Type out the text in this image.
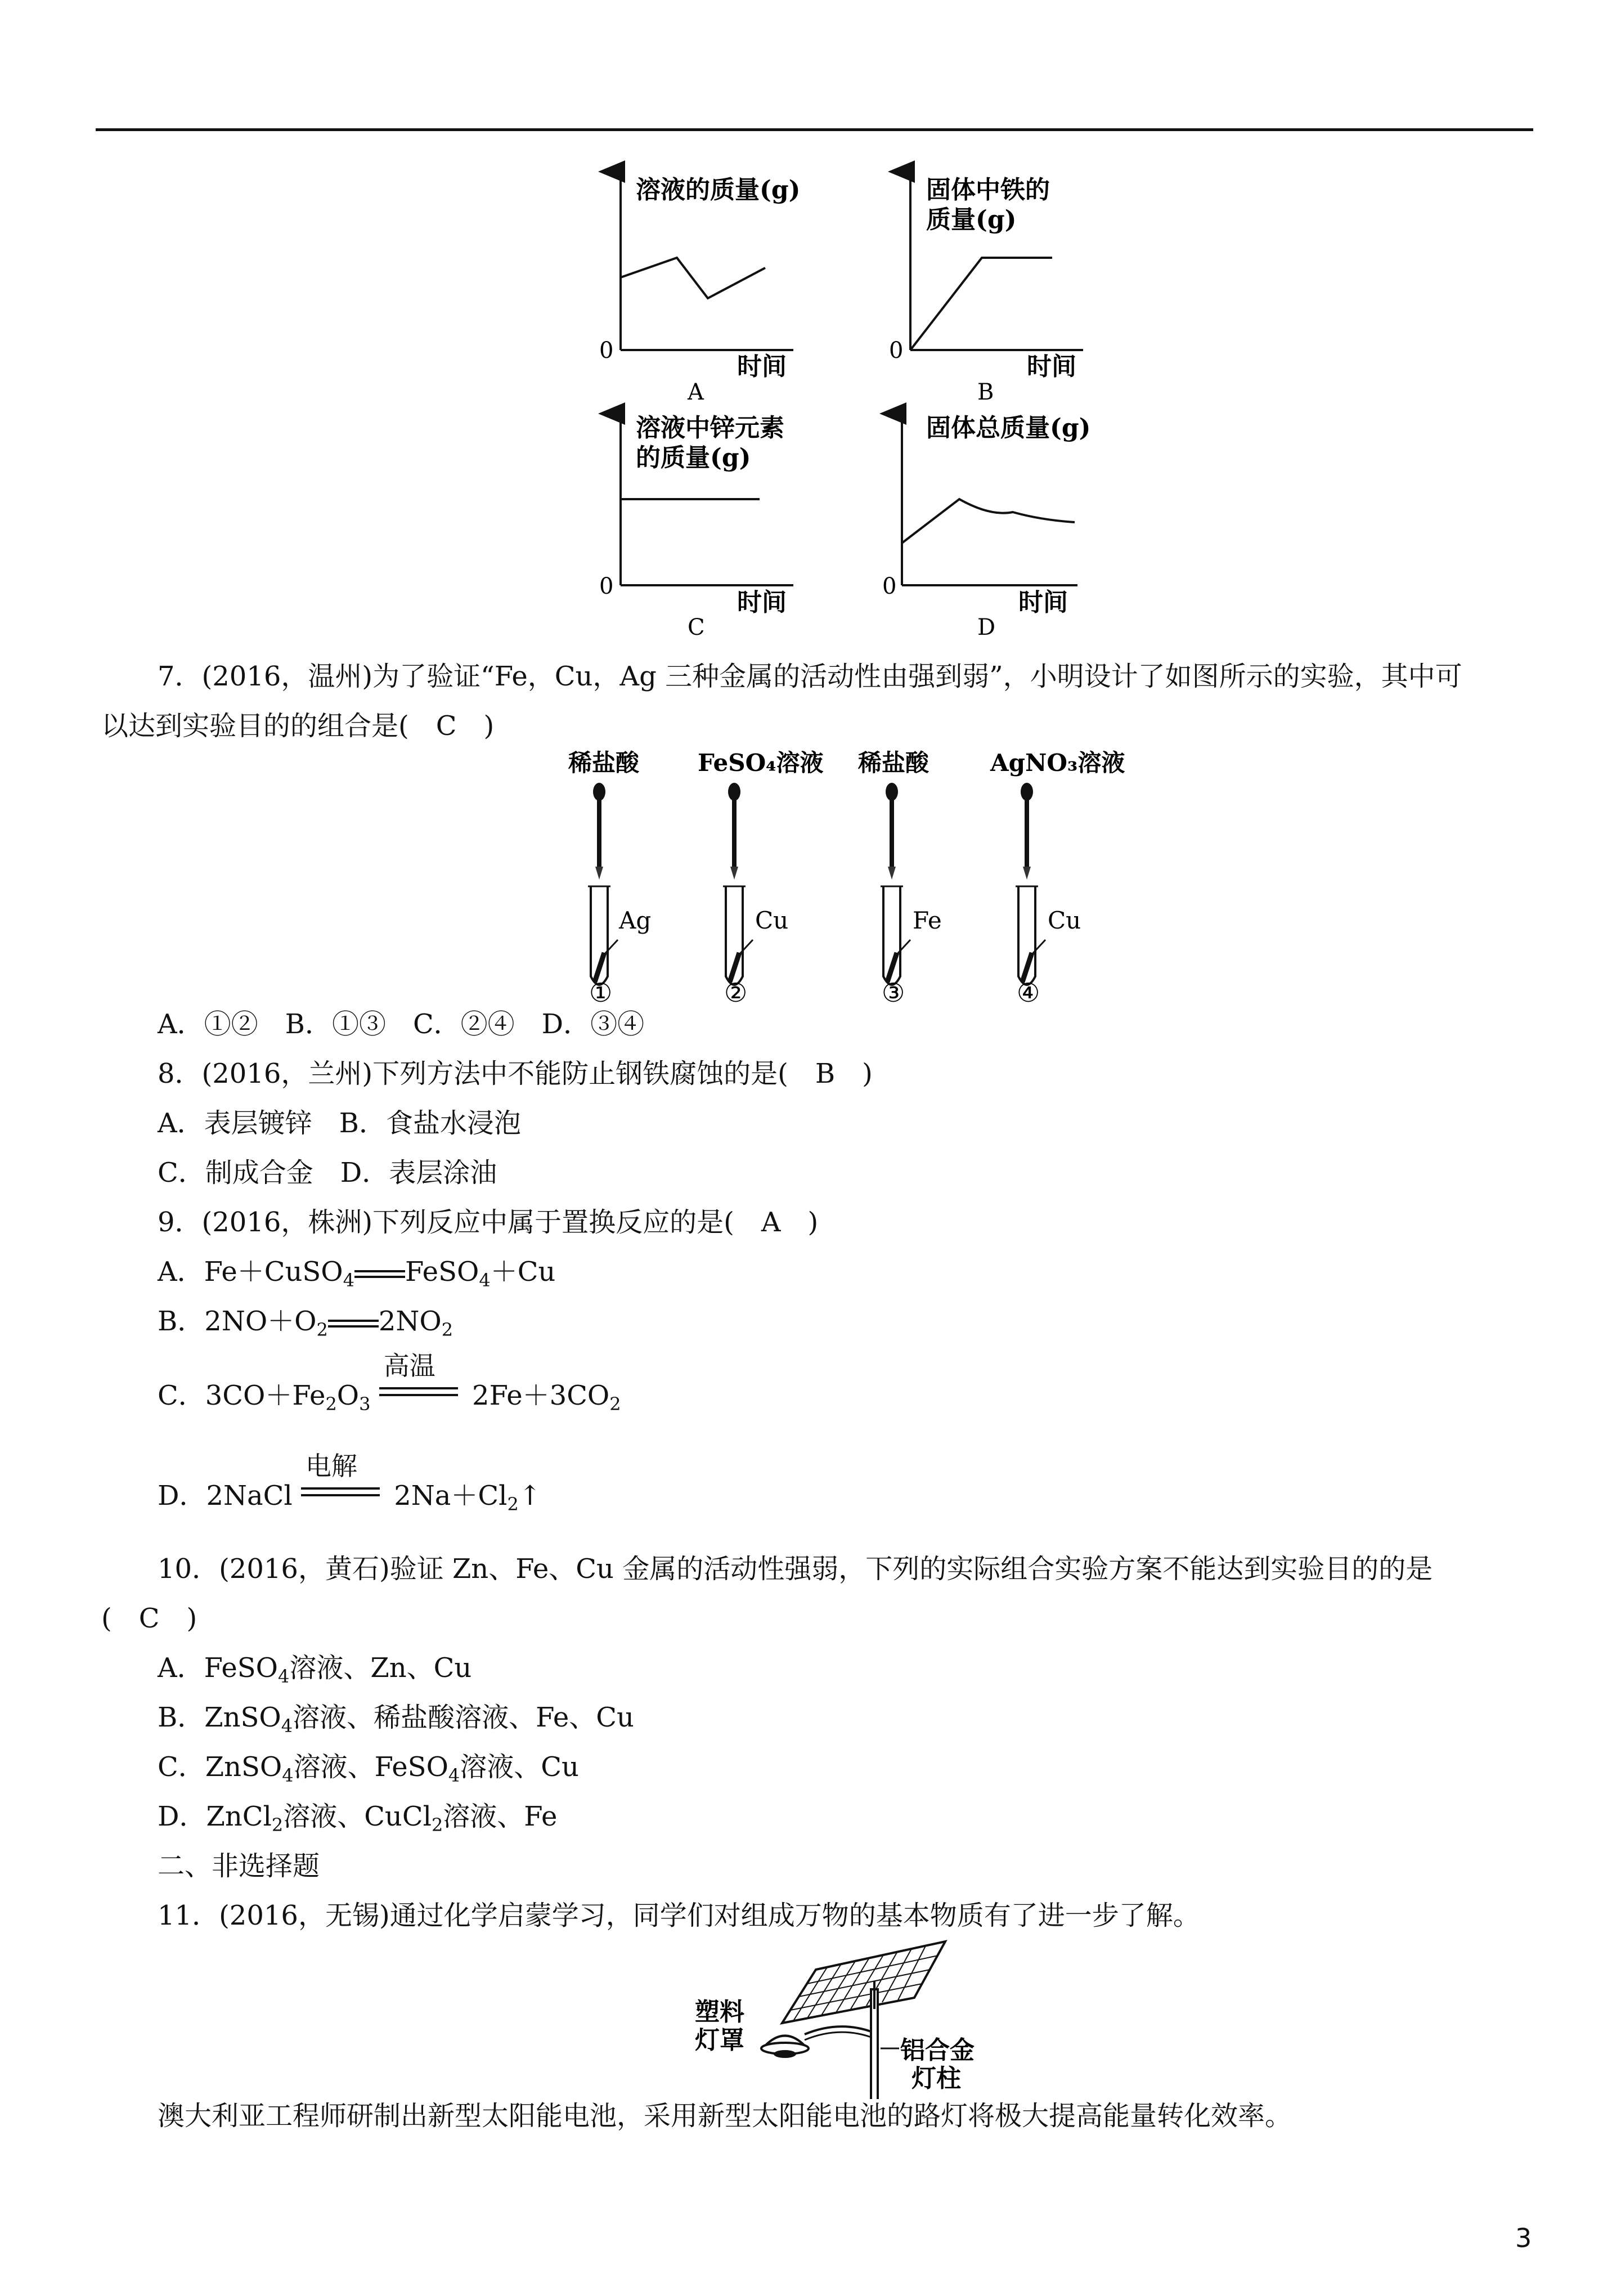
溶液的质量(g)
0
时间
A
固体中铁的
质量(g)
0
时间
B
溶液中锌元素
的质量(g)
0
时间
C
固体总质量(g)
0
时间
D
7．(2016，温州)为了验证“Fe，Cu，Ag 三种金属的活动性由强到弱”，小明设计了如图所示的实验，其中可
以达到实验目的的组合是(　C　)
稀盐酸
Ag
①
FeSO₄溶液
Cu
②
稀盐酸
Fe
③
AgNO₃溶液
Cu
④
A．①②　B．①③　C．②④　D．③④
8．(2016，兰州)下列方法中不能防止钢铁腐蚀的是(　B　)
A．表层镀锌　B．食盐水浸泡
C．制成合金　D．表层涂油
9．(2016，株洲)下列反应中属于置换反应的是(　A　)
A．Fe＋CuSO$_4$ FeSO$_4$＋Cu
B．$2NO+O_2$ $2NO_2$
C．$3CO+Fe_2O_3$
高温
$2Fe+3CO_2$
D．2NaCl
电解
$2Na+Cl_2↑$
10．(2016，黄石)验证 Zn、Fe、Cu 金属的活动性强弱，下列的实际组合实验方案不能达到实验目的的是
(　C　)
A．FeSO$_4$溶液、Zn、Cu
B．ZnSO$_4$溶液、稀盐酸溶液、Fe、Cu
C．ZnSO$_4$溶液、FeSO$_4$溶液、Cu
D．ZnCl$_2$溶液、CuCl$_2$溶液、Fe
二、非选择题
11．(2016，无锡)通过化学启蒙学习，同学们对组成万物的基本物质有了进一步了解。
塑料
灯罩	铝合金
灯柱
澳大利亚工程师研制出新型太阳能电池，采用新型太阳能电池的路灯将极大提高能量转化效率。
3
